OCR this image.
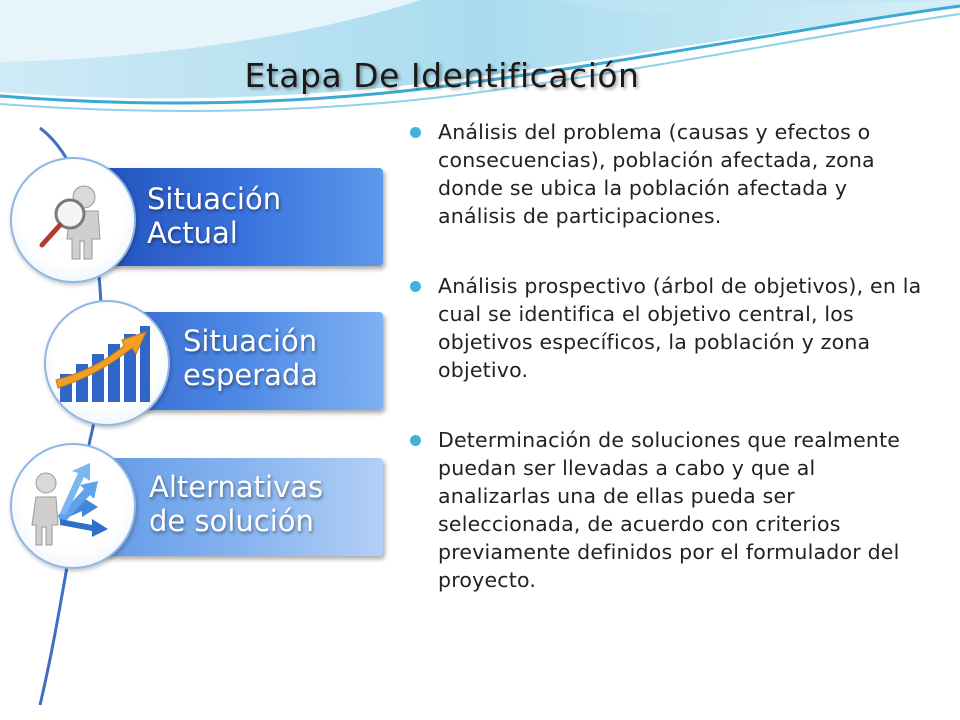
Etapa De Identificación
Situación
Actual
Situación
esperada
Alternativas
de solución
Análisis del problema (causas y efectos o consecuencias), población afectada, zona donde se ubica la población afectada y análisis de participaciones.
Análisis prospectivo (árbol de objetivos), en la cual se identifica el objetivo central, los objetivos específicos, la población y zona objetivo.
Determinación de soluciones que realmente puedan ser llevadas a cabo y que al analizarlas una de ellas pueda ser seleccionada, de acuerdo con criterios previamente definidos por el formulador del proyecto.
